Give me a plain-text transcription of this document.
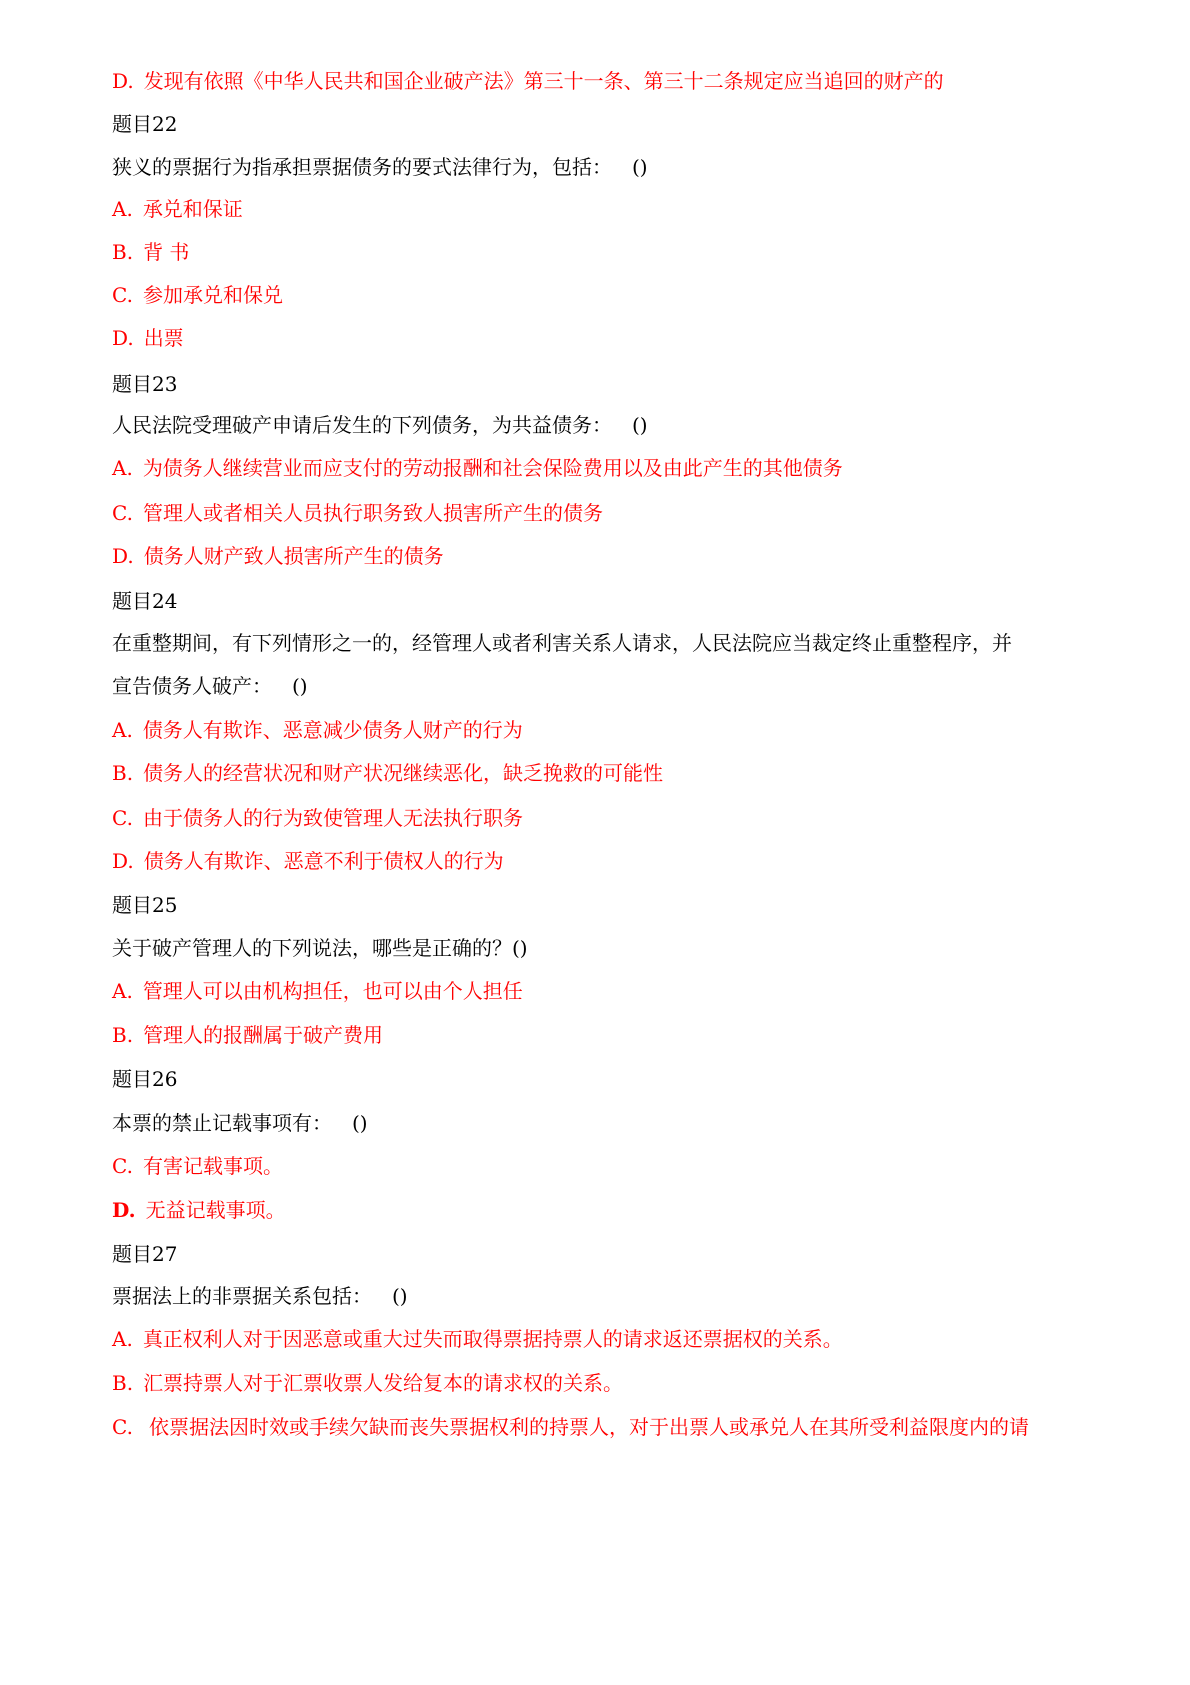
D. 发现有依照《中华人民共和国企业破产法》第三十一条、第三十二条规定应当追回的财产的
题目22
狭义的票据行为指承担票据债务的要式法律行为，包括： ()
A. 承兑和保证
B. 背 书
C. 参加承兑和保兑
D. 出票
题目23
人民法院受理破产申请后发生的下列债务，为共益债务： ()
A. 为债务人继续营业而应支付的劳动报酬和社会保险费用以及由此产生的其他债务
C. 管理人或者相关人员执行职务致人损害所产生的债务
D. 债务人财产致人损害所产生的债务
题目24
在重整期间，有下列情形之一的，经管理人或者利害关系人请求，人民法院应当裁定终止重整程序，并
宣告债务人破产： ()
A. 债务人有欺诈、恶意减少债务人财产的行为
B. 债务人的经营状况和财产状况继续恶化，缺乏挽救的可能性
C. 由于债务人的行为致使管理人无法执行职务
D. 债务人有欺诈、恶意不利于债权人的行为
题目25
关于破产管理人的下列说法，哪些是正确的？()
A. 管理人可以由机构担任，也可以由个人担任
B. 管理人的报酬属于破产费用
题目26
本票的禁止记载事项有： ()
C. 有害记载事项。
D. 无益记载事项。
题目27
票据法上的非票据关系包括： ()
A. 真正权利人对于因恶意或重大过失而取得票据持票人的请求返还票据权的关系。
B. 汇票持票人对于汇票收票人发给复本的请求权的关系。
C. 依票据法因时效或手续欠缺而丧失票据权利的持票人，对于出票人或承兑人在其所受利益限度内的请
